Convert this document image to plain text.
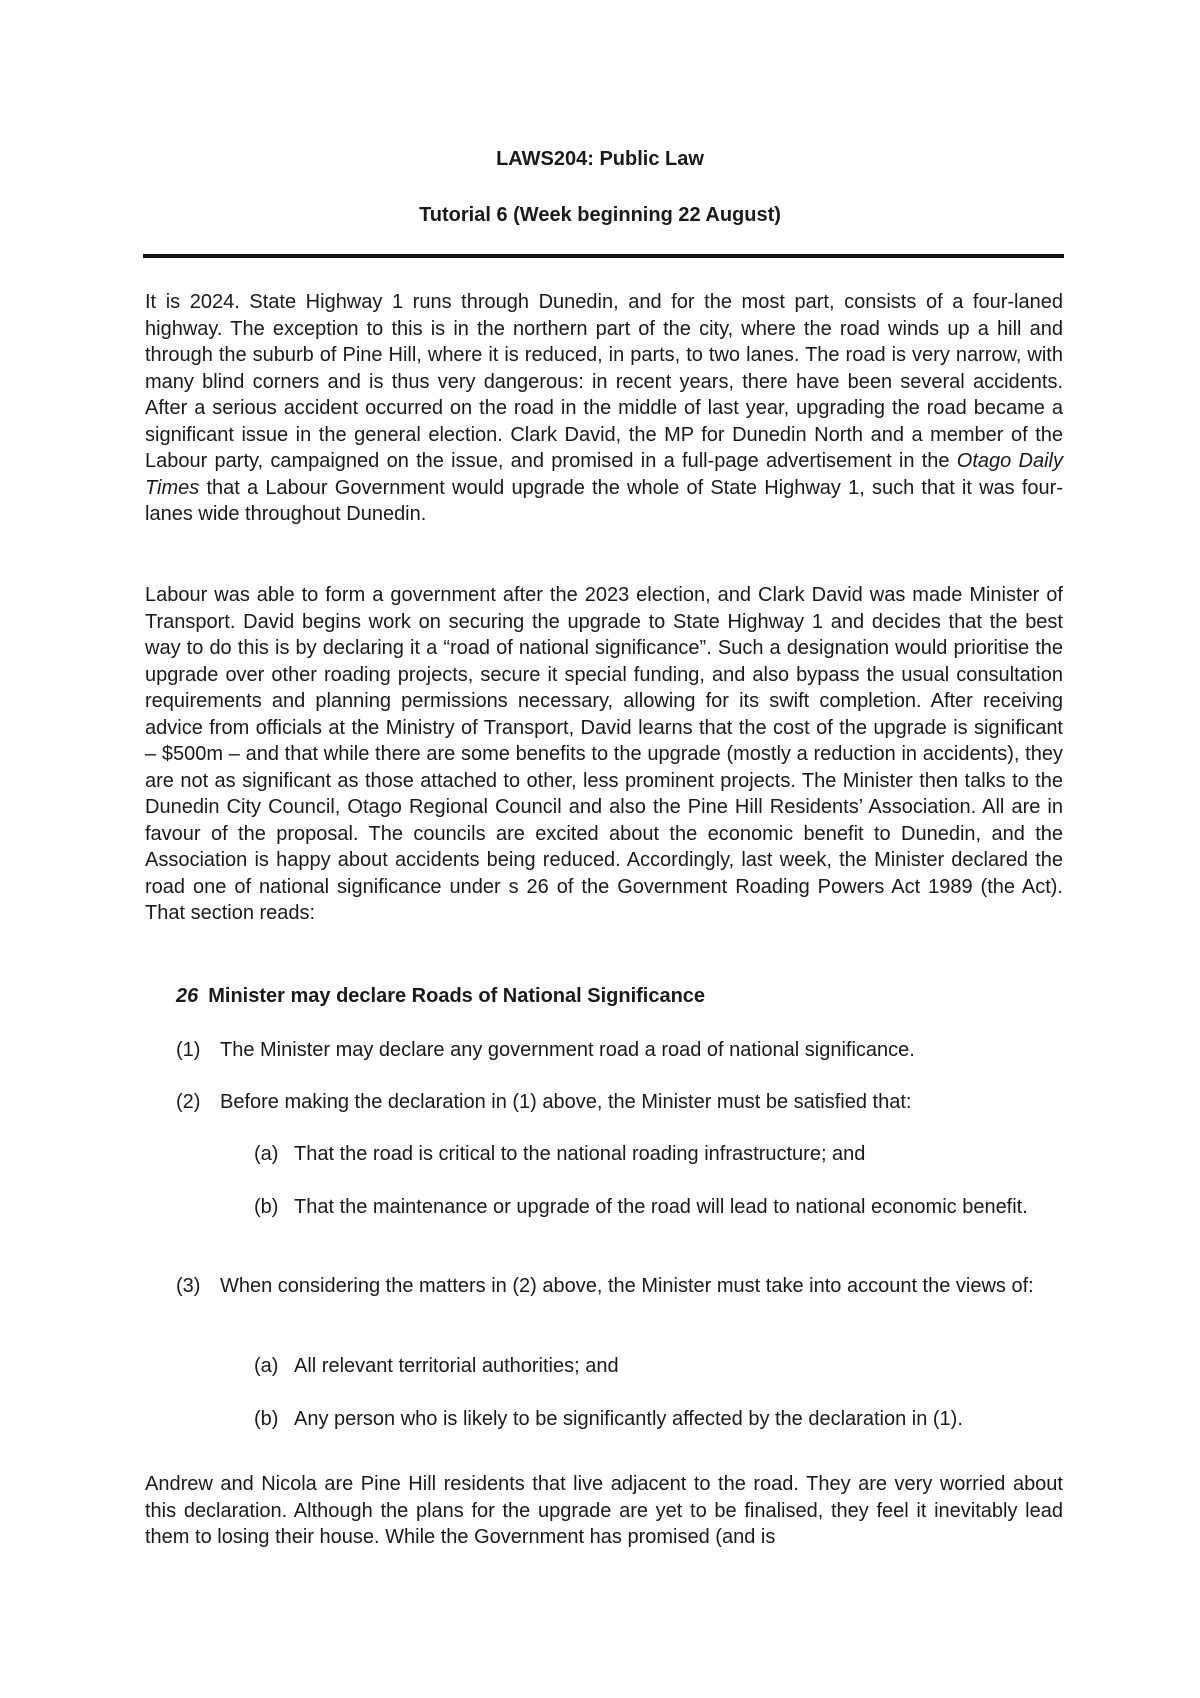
LAWS204: Public Law
Tutorial 6 (Week beginning 22 August)

It is 2024. State Highway 1 runs through Dunedin, and for the most part, consists of a four-laned highway. The exception to this is in the northern part of the city, where the road winds up a hill and through the suburb of Pine Hill, where it is reduced, in parts, to two lanes. The road is very narrow, with many blind corners and is thus very dangerous: in recent years, there have been several accidents. After a serious accident occurred on the road in the middle of last year, upgrading the road became a significant issue in the general election. Clark David, the MP for Dunedin North and a member of the Labour party, campaigned on the issue, and promised in a full-page advertisement in the Otago Daily Times that a Labour Government would upgrade the whole of State Highway 1, such that it was four-lanes wide throughout Dunedin.

Labour was able to form a government after the 2023 election, and Clark David was made Minister of Transport. David begins work on securing the upgrade to State Highway 1 and decides that the best way to do this is by declaring it a “road of national significance”. Such a designation would prioritise the upgrade over other roading projects, secure it special funding, and also bypass the usual consultation requirements and planning permissions necessary, allowing for its swift completion. After receiving advice from officials at the Ministry of Transport, David learns that the cost of the upgrade is significant – $500m – and that while there are some benefits to the upgrade (mostly a reduction in accidents), they are not as significant as those attached to other, less prominent projects. The Minister then talks to the Dunedin City Council, Otago Regional Council and also the Pine Hill Residents’ Association. All are in favour of the proposal. The councils are excited about the economic benefit to Dunedin, and the Association is happy about accidents being reduced. Accordingly, last week, the Minister declared the road one of national significance under s 26 of the Government Roading Powers Act 1989 (the Act). That section reads:

26 Minister may declare Roads of National Significance
(1) The Minister may declare any government road a road of national significance.
(2) Before making the declaration in (1) above, the Minister must be satisfied that:
(a) That the road is critical to the national roading infrastructure; and
(b) That the maintenance or upgrade of the road will lead to national economic benefit.
(3) When considering the matters in (2) above, the Minister must take into account the views of:
(a) All relevant territorial authorities; and
(b) Any person who is likely to be significantly affected by the declaration in (1).

Andrew and Nicola are Pine Hill residents that live adjacent to the road. They are very worried about this declaration. Although the plans for the upgrade are yet to be finalised, they feel it inevitably lead them to losing their house. While the Government has promised (and is
